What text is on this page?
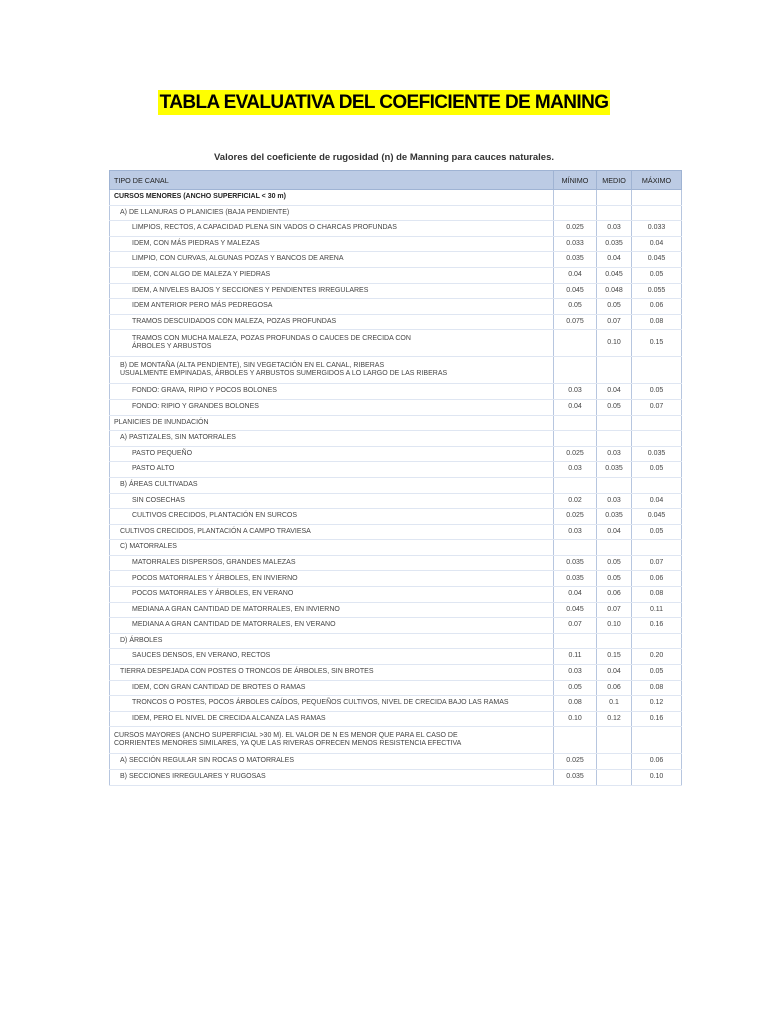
TABLA EVALUATIVA DEL COEFICIENTE DE MANING
Valores del coeficiente de rugosidad (n) de Manning para cauces naturales.
TIPO DE CANAL	MÍNIMO	MEDIO	MÁXIMO

CURSOS MENORES (ANCHO SUPERFICIAL < 30 m)			

A) DE LLANURAS O PLANICIES (BAJA PENDIENTE)			

LIMPIOS, RECTOS, A CAPACIDAD PLENA SIN VADOS O CHARCAS PROFUNDAS	0.025	0.03	0.033

IDEM, CON MÁS PIEDRAS Y MALEZAS	0.033	0.035	0.04

LIMPIO, CON CURVAS, ALGUNAS POZAS Y BANCOS DE ARENA	0.035	0.04	0.045

IDEM, CON ALGO DE MALEZA Y PIEDRAS	0.04	0.045	0.05

IDEM, A NIVELES BAJOS Y SECCIONES Y PENDIENTES IRREGULARES	0.045	0.048	0.055

IDEM ANTERIOR PERO MÁS PEDREGOSA	0.05	0.05	0.06

TRAMOS DESCUIDADOS CON MALEZA, POZAS PROFUNDAS	0.075	0.07	0.08

TRAMOS CON MUCHA MALEZA, POZAS PROFUNDAS O CAUCES DE CRECIDA CON
ÁRBOLES Y ARBUSTOS		0.10	0.15

B) DE MONTAÑA (ALTA PENDIENTE), SIN VEGETACIÓN EN EL CANAL, RIBERAS
USUALMENTE EMPINADAS, ÁRBOLES Y ARBUSTOS SUMERGIDOS A LO LARGO DE LAS RIBERAS			

FONDO: GRAVA, RIPIO Y POCOS BOLONES	0.03	0.04	0.05

FONDO: RIPIO Y GRANDES BOLONES	0.04	0.05	0.07

PLANICIES DE INUNDACIÓN			

A) PASTIZALES, SIN MATORRALES			

PASTO PEQUEÑO	0.025	0.03	0.035

PASTO ALTO	0.03	0.035	0.05

B) ÁREAS CULTIVADAS			

SIN COSECHAS	0.02	0.03	0.04

CULTIVOS CRECIDOS, PLANTACIÓN EN SURCOS	0.025	0.035	0.045

CULTIVOS CRECIDOS, PLANTACIÓN A CAMPO TRAVIESA	0.03	0.04	0.05

C) MATORRALES			

MATORRALES DISPERSOS, GRANDES MALEZAS	0.035	0.05	0.07

POCOS MATORRALES Y ÁRBOLES, EN INVIERNO	0.035	0.05	0.06

POCOS MATORRALES Y ÁRBOLES, EN VERANO	0.04	0.06	0.08

MEDIANA A GRAN CANTIDAD DE MATORRALES, EN INVIERNO	0.045	0.07	0.11

MEDIANA A GRAN CANTIDAD DE MATORRALES, EN VERANO	0.07	0.10	0.16

D) ÁRBOLES			

SAUCES DENSOS, EN VERANO, RECTOS	0.11	0.15	0.20

TIERRA DESPEJADA CON POSTES O TRONCOS DE ÁRBOLES, SIN BROTES	0.03	0.04	0.05

IDEM, CON GRAN CANTIDAD DE BROTES O RAMAS	0.05	0.06	0.08

TRONCOS O POSTES, POCOS ÁRBOLES CAÍDOS, PEQUEÑOS CULTIVOS, NIVEL DE CRECIDA BAJO LAS RAMAS	0.08	0.1	0.12

IDEM, PERO EL NIVEL DE CRECIDA ALCANZA LAS RAMAS	0.10	0.12	0.16

CURSOS MAYORES (ANCHO SUPERFICIAL >30 M). EL VALOR DE N ES MENOR QUE PARA EL CASO DE
CORRIENTES MENORES SIMILARES, YA QUE LAS RIVERAS OFRECEN MENOS RESISTENCIA EFECTIVA			

A) SECCIÓN REGULAR SIN ROCAS O MATORRALES	0.025		0.06

B) SECCIONES IRREGULARES Y RUGOSAS	0.035		0.10
